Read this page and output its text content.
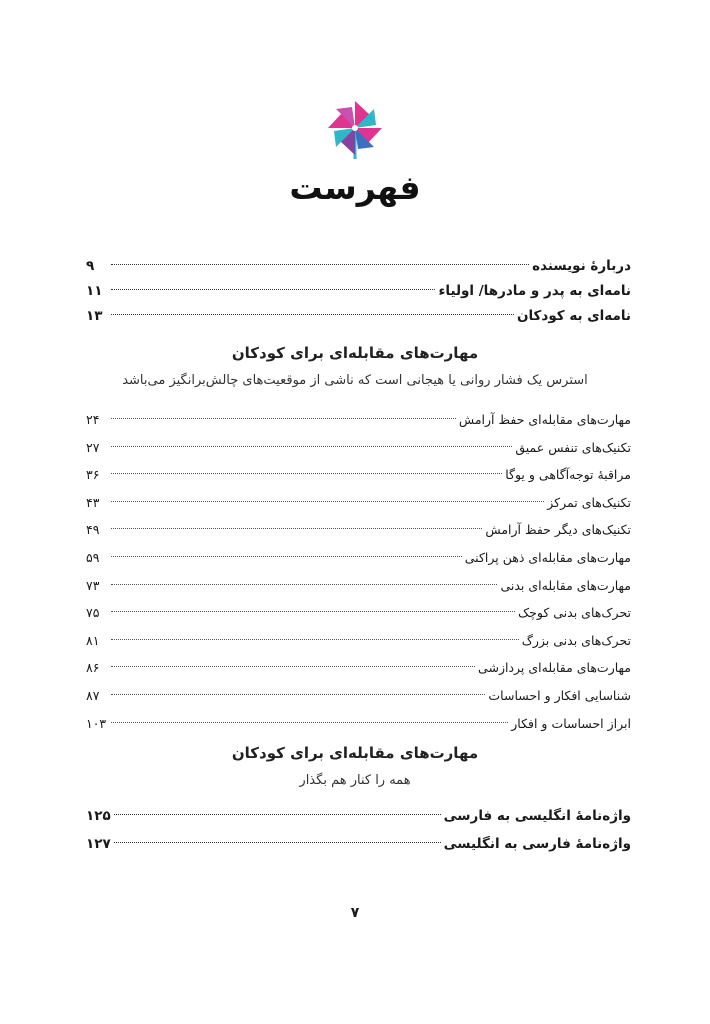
فهرست
دربارۀ نویسنده
۹
نامه‌ای به پدر و مادرها/ اولیاء
۱۱
نامه‌ای به کودکان
۱۳
مهارت‌های مقابله‌ای برای کودکان
استرس یک فشار روانی یا هیجانی است که ناشی از موقعیت‌های چالش‌برانگیز می‌باشد
مهارت‌های مقابله‌ای حفظ آرامش
۲۴
تکنیک‌های تنفس عمیق
۲۷
مراقبۀ توجه‌آگاهی و یوگا
۳۶
تکنیک‌های تمرکز
۴۳
تکنیک‌های دیگر حفظ آرامش
۴۹
مهارت‌های مقابله‌ای ذهن پراکنی
۵۹
مهارت‌های مقابله‌ای بدنی
۷۳
تحرک‌های بدنی کوچک
۷۵
تحرک‌های بدنی بزرگ
۸۱
مهارت‌های مقابله‌ای پردازشی
۸۶
شناسایی افکار و احساسات
۸۷
ابراز احساسات و افکار
۱۰۳
مهارت‌های مقابله‌ای برای کودکان
همه را کنار هم بگذار
واژه‌نامۀ انگلیسی به فارسی
۱۲۵
واژه‌نامۀ فارسی به انگلیسی
۱۲۷
۷
